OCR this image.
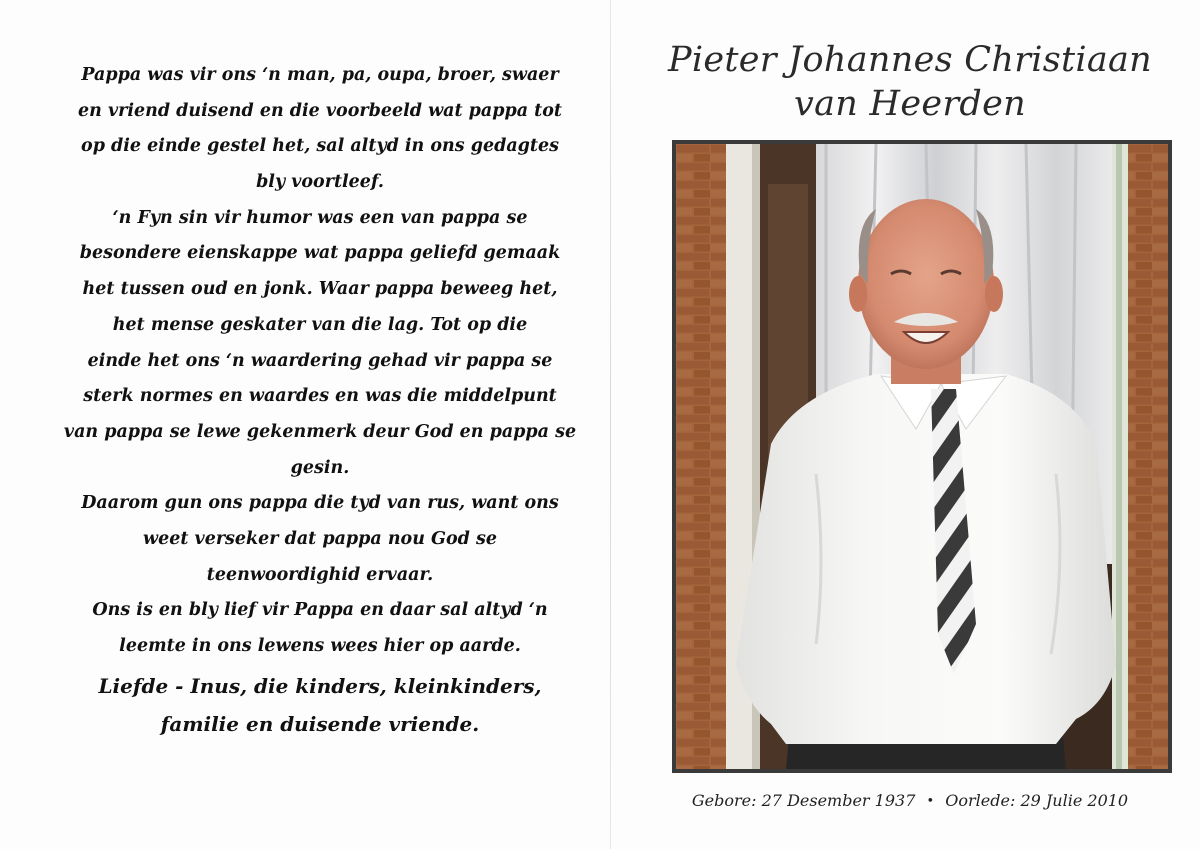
Pappa was vir ons ‘n man, pa, oupa, broer, swaer
en vriend duisend en die voorbeeld wat pappa tot
op die einde gestel het, sal altyd in ons gedagtes
bly voortleef.
‘n Fyn sin vir humor was een van pappa se
besondere eienskappe wat pappa geliefd gemaak
het tussen oud en jonk. Waar pappa beweeg het,
het mense geskater van die lag. Tot op die
einde het ons ‘n waardering gehad vir pappa se
sterk normes en waardes en was die middelpunt
van pappa se lewe gekenmerk deur God en pappa se
gesin.
Daarom gun ons pappa die tyd van rus, want ons
weet verseker dat pappa nou God se
teenwoordighid ervaar.
Ons is en bly lief vir Pappa en daar sal altyd ‘n
leemte in ons lewens wees hier op aarde.
Liefde - Inus, die kinders, kleinkinders,
familie en duisende vriende.
Pieter Johannes Christiaan
van Heerden
Gebore: 27 Desember 1937 • Oorlede: 29 Julie 2010
